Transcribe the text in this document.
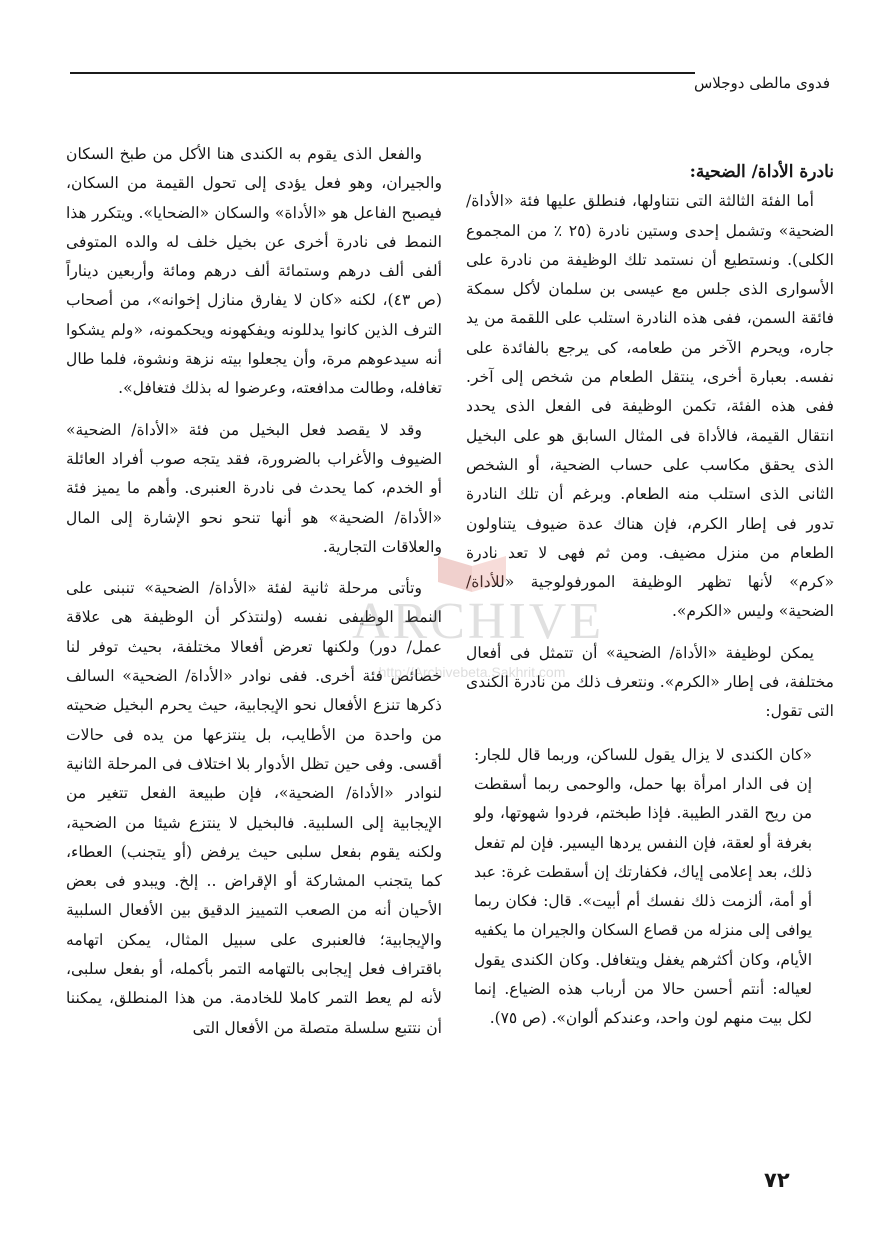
فدوى مالطى دوجلاس

نادرة الأداة/ الضحية:

أما الفئة الثالثة التى نتناولها، فنطلق عليها فئة «الأداة/ الضحية» وتشمل إحدى وستين نادرة (٢٥ ٪ من المجموع الكلى). ونستطيع أن نستمد تلك الوظيفة من نادرة على الأسوارى الذى جلس مع عيسى بن سلمان لأكل سمكة فائقة السمن، ففى هذه النادرة استلب على اللقمة من يد جاره، ويحرم الآخر من طعامه، كى يرجع بالفائدة على نفسه. بعبارة أخرى، ينتقل الطعام من شخص إلى آخر. ففى هذه الفئة، تكمن الوظيفة فى الفعل الذى يحدد انتقال القيمة، فالأداة فى المثال السابق هو على البخيل الذى يحقق مكاسب على حساب الضحية، أو الشخص الثانى الذى استلب منه الطعام. وبرغم أن تلك النادرة تدور فى إطار الكرم، فإن هناك عدة ضيوف يتناولون الطعام من منزل مضيف. ومن ثم فهى لا تعد نادرة «كرم» لأنها تظهر الوظيفة المورفولوجية «للأداة/ الضحية» وليس «الكرم».

يمكن لوظيفة «الأداة/ الضحية» أن تتمثل فى أفعال مختلفة، فى إطار «الكرم». ونتعرف ذلك من نادرة الكندى التى تقول:

«كان الكندى لا يزال يقول للساكن، وربما قال للجار: إن فى الدار امرأة بها حمل، والوحمى ربما أسقطت من ريح القدر الطيبة. فإذا طبختم، فردوا شهوتها، ولو بغرفة أو لعقة، فإن النفس يردها اليسير. فإن لم تفعل ذلك، بعد إعلامى إياك، فكفارتك إن أسقطت غرة: عبد أو أمة، ألزمت ذلك نفسك أم أبيت». قال: فكان ربما يوافى إلى منزله من قصاع السكان والجيران ما يكفيه الأيام، وكان أكثرهم يغفل ويتغافل. وكان الكندى يقول لعياله: أنتم أحسن حالا من أرباب هذه الضياع. إنما لكل بيت منهم لون واحد، وعندكم ألوان». (ص ٧٥).

والفعل الذى يقوم به الكندى هنا الأكل من طبخ السكان والجيران، وهو فعل يؤدى إلى تحول القيمة من السكان، فيصبح الفاعل هو «الأداة» والسكان «الضحايا». ويتكرر هذا النمط فى نادرة أخرى عن بخيل خلف له والده المتوفى ألفى ألف درهم وستمائة ألف درهم ومائة وأربعين ديناراً (ص ٤٣)، لكنه «كان لا يفارق منازل إخوانه»، من أصحاب الترف الذين كانوا يدللونه ويفكهونه ويحكمونه، «ولم يشكوا أنه سيدعوهم مرة، وأن يجعلوا بيته نزهة ونشوة، فلما طال تغافله، وطالت مدافعته، وعرضوا له بذلك فتغافل».

وقد لا يقصد فعل البخيل من فئة «الأداة/ الضحية» الضيوف والأغراب بالضرورة، فقد يتجه صوب أفراد العائلة أو الخدم، كما يحدث فى نادرة العنبرى. وأهم ما يميز فئة «الأداة/ الضحية» هو أنها تنحو نحو الإشارة إلى المال والعلاقات التجارية.

وتأتى مرحلة ثانية لفئة «الأداة/ الضحية» تنبنى على النمط الوظيفى نفسه (ولنتذكر أن الوظيفة هى علاقة عمل/ دور) ولكنها تعرض أفعالا مختلفة، بحيث توفر لنا خصائص فئة أخرى. ففى نوادر «الأداة/ الضحية» السالف ذكرها تنزع الأفعال نحو الإيجابية، حيث يحرم البخيل ضحيته من واحدة من الأطايب، بل ينتزعها من يده فى حالات أقسى. وفى حين تظل الأدوار بلا اختلاف فى المرحلة الثانية لنوادر «الأداة/ الضحية»، فإن طبيعة الفعل تتغير من الإيجابية إلى السلبية. فالبخيل لا ينتزع شيئا من الضحية، ولكنه يقوم بفعل سلبى حيث يرفض (أو يتجنب) العطاء، كما يتجنب المشاركة أو الإقراض .. إلخ. ويبدو فى بعض الأحيان أنه من الصعب التمييز الدقيق بين الأفعال السلبية والإيجابية؛ فالعنبرى على سبيل المثال، يمكن اتهامه باقتراف فعل إيجابى بالتهامه التمر بأكمله، أو بفعل سلبى، لأنه لم يعط التمر كاملا للخادمة. من هذا المنطلق، يمكننا أن نتتبع سلسلة متصلة من الأفعال التى

٧٢
ARCHIVE
http://Archivebeta.Sakhrit.com
